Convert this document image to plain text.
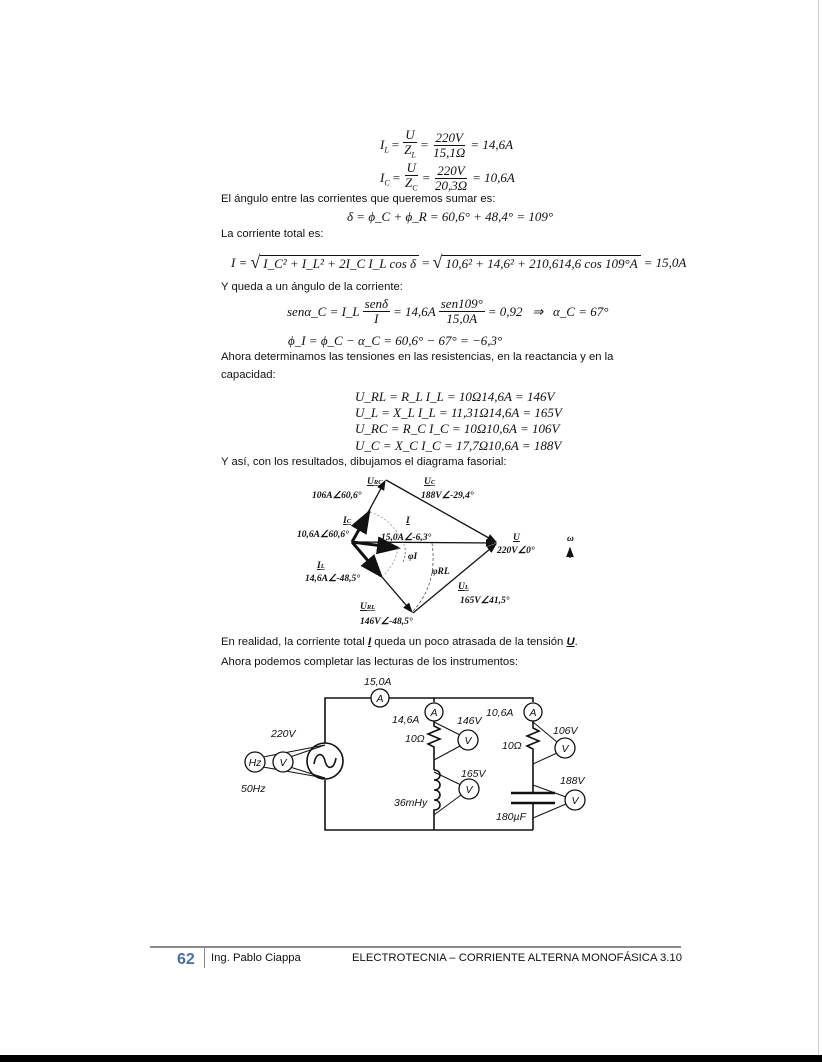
$I_L = \frac{U}{Z_L} = \frac{220V}{15,1\Omega} = 14,6A$
$I_C = \frac{U}{Z_C} = \frac{220V}{20,3\Omega} = 10,6A$
El ángulo entre las corrientes que queremos sumar es:
δ = ϕ_C + ϕ_R = 60,6° + 48,4° = 109°
La corriente total es:
I = √ I_C² + I_L² + 2I_C I_L cos δ = √ 10,6² + 14,6² + 210,614,6 cos 109°A = 15,0A
Y queda a un ángulo de la corriente:
senα_C = I_L senδ
I = 14,6A sen109°
15,0A = 0,92   ⇒   α_C = 67°
ϕ_I = ϕ_C − α_C = 60,6° − 67° = −6,3°
Ahora determinamos las tensiones en las resistencias, en la reactancia y en la
capacidad:
U_RL = R_L I_L = 10Ω14,6A = 146V
U_L = X_L I_L = 11,31Ω14,6A = 165V
U_RC = R_C I_C = 10Ω10,6A = 106V
U_C = X_C I_C = 17,7Ω10,6A = 188V
Y así, con los resultados, dibujamos el diagrama fasorial:
URC
106A∠60,6°
UC
188V∠-29,4°
IC
10,6A∠60,6°
I
15,0A∠-6,3°	U
220V∠0°
φI
φRL
IL
14,6A∠-48,5°
UL
165V∠41,5°
URL
146V∠-48,5°
ω
En realidad, la corriente total I queda un poco atrasada de la tensión U.
Ahora podemos completar las lecturas de los instrumentos:
A
A	A
V
V
V
V
V
Hz
15,0A
14,6A
10,6A
146V
106V
165V
188V
10Ω
10Ω
36mHy
180µF
220V
50Hz
62 Ing. Pablo Ciappa	ELECTROTECNIA – CORRIENTE ALTERNA MONOFÁSICA 3.10
